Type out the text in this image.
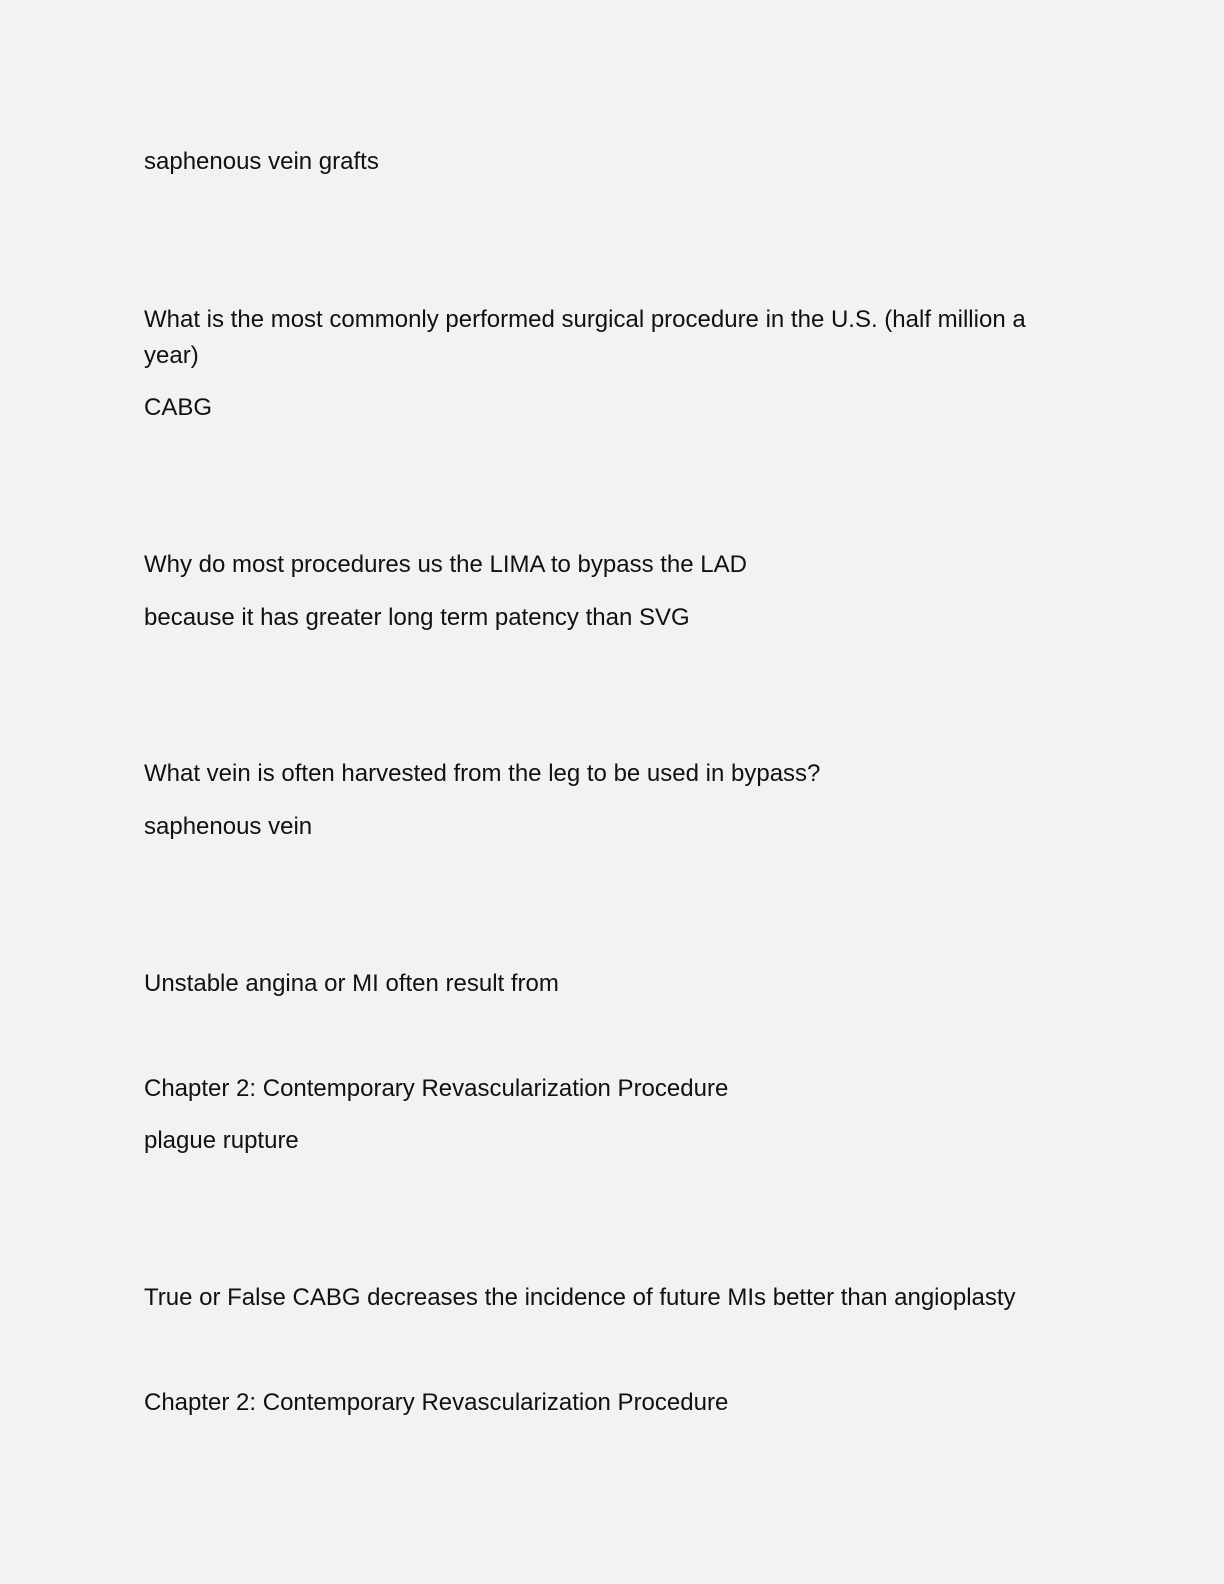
saphenous vein grafts
What is the most commonly performed surgical procedure in the U.S. (half million a year)
CABG
Why do most procedures us the LIMA to bypass the LAD
because it has greater long term patency than SVG
What vein is often harvested from the leg to be used in bypass?
saphenous vein
Unstable angina or MI often result from
Chapter 2: Contemporary Revascularization Procedure
plague rupture
True or False CABG decreases the incidence of future MIs better than angioplasty
Chapter 2: Contemporary Revascularization Procedure
